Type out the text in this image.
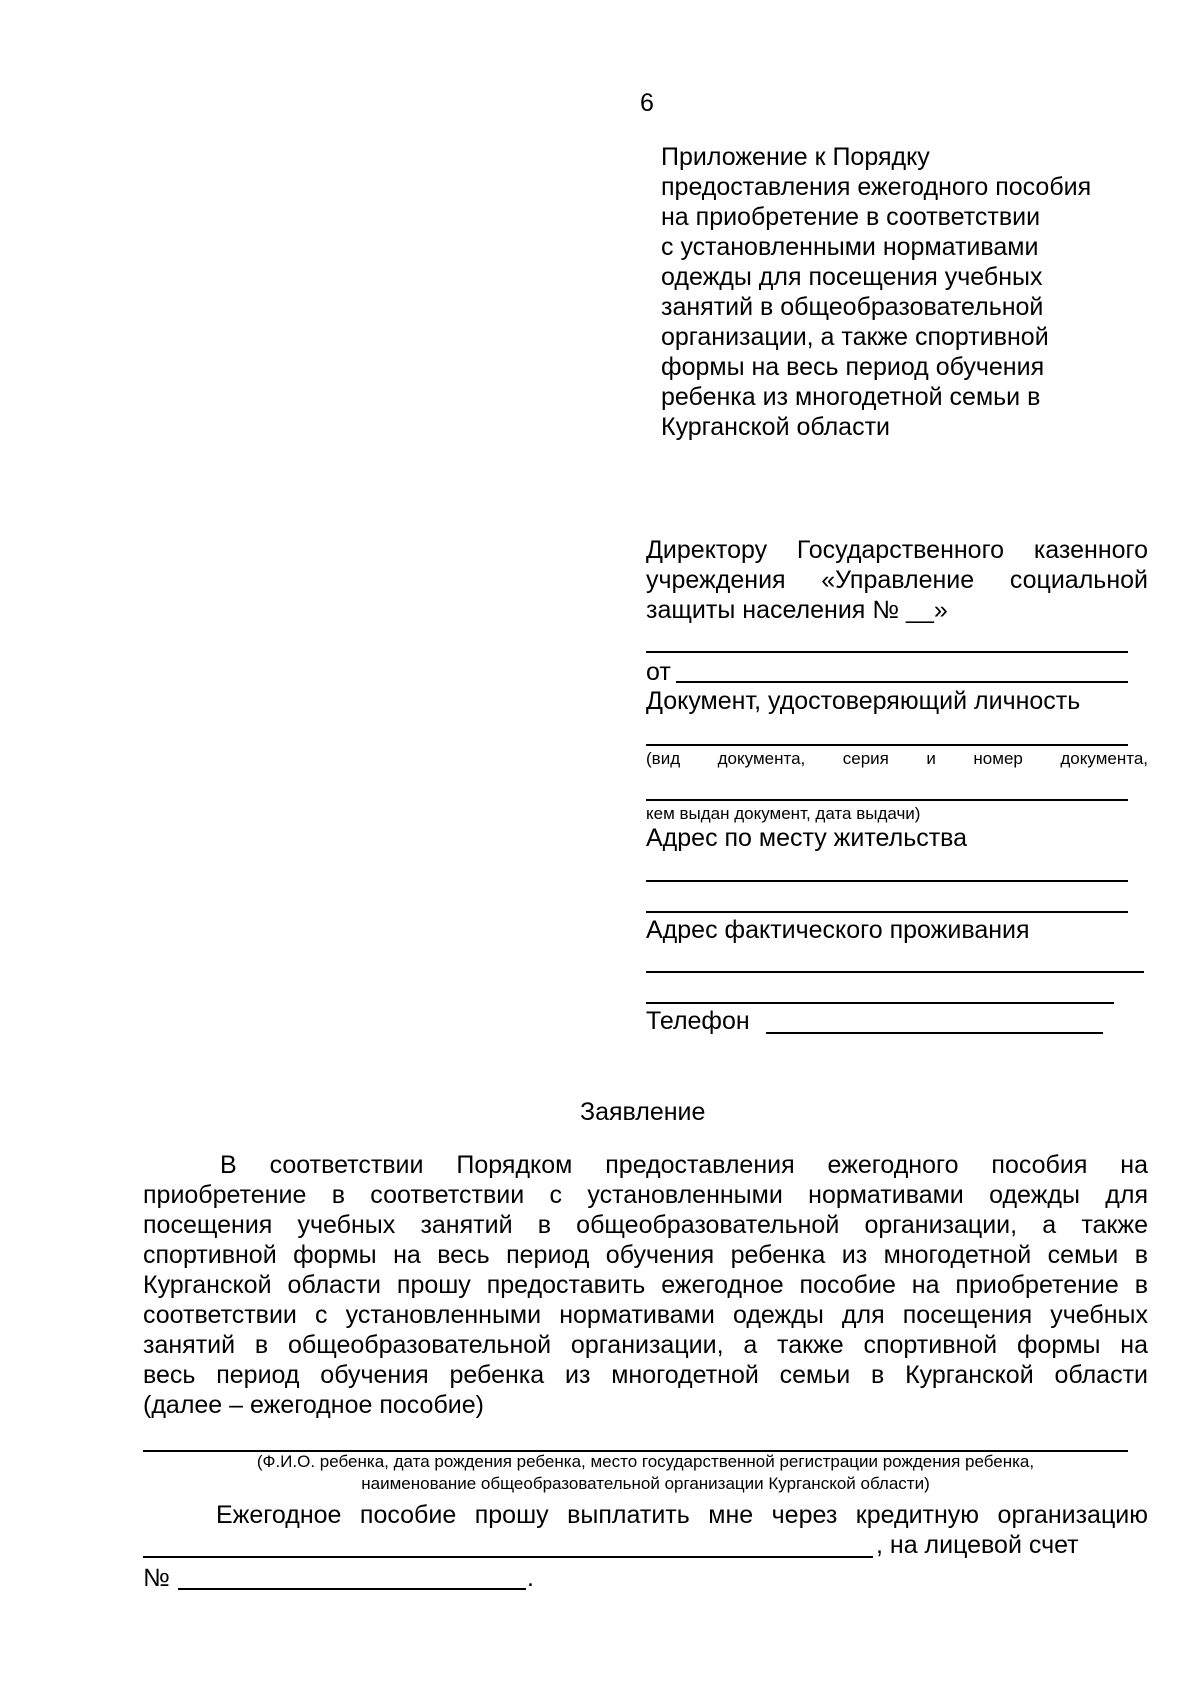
6
Приложение к Порядку
предоставления ежегодного пособия
на приобретение в соответствии
с установленными нормативами
одежды для посещения учебных
занятий в общеобразовательной
организации, а также спортивной
формы на весь период обучения
ребенка из многодетной семьи в
Курганской области
Директору Государственного казенного
учреждения «Управление социальной
защиты населения № __»
от
Документ, удостоверяющий личность
(вид документа, серия и номер документа,
кем выдан документ, дата выдачи)
Адрес по месту жительства
Адрес фактического проживания
Телефон
Заявление
В соответствии Порядком предоставления ежегодного пособия на
приобретение в соответствии с установленными нормативами одежды для
посещения учебных занятий в общеобразовательной организации, а также
спортивной формы на весь период обучения ребенка из многодетной семьи в
Курганской области прошу предоставить ежегодное пособие на приобретение в
соответствии с установленными нормативами одежды для посещения учебных
занятий в общеобразовательной организации, а также спортивной формы на
весь период обучения ребенка из многодетной семьи в Курганской области
(далее – ежегодное пособие)
(Ф.И.О. ребенка, дата рождения ребенка, место государственной регистрации рождения ребенка,
наименование общеобразовательной организации Курганской области)
Ежегодное пособие прошу выплатить мне через кредитную организацию
, на лицевой счет
№	.
